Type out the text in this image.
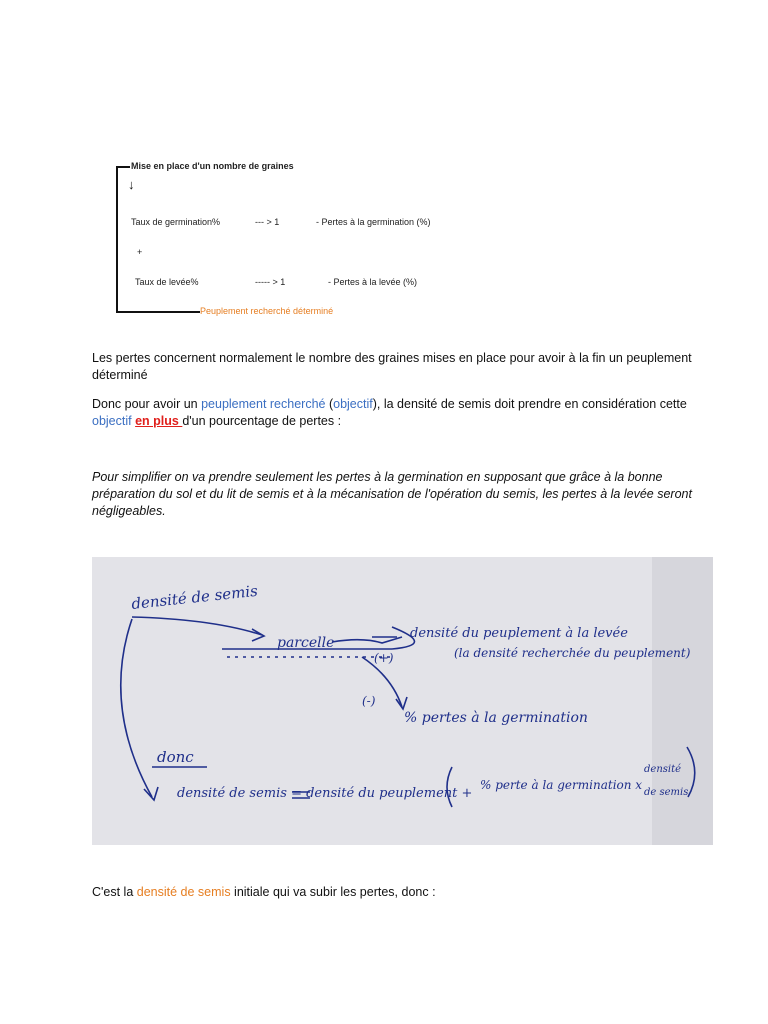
Mise en place d'un nombre de graines
↓
Taux de germination%	--- > 1	- Pertes à la germination (%)
+
Taux de levée%	----- > 1	- Pertes à la levée (%)
Peuplement recherché déterminé

Les pertes concernent normalement le nombre des graines mises en place pour avoir à la fin un peuplement déterminé

Donc pour avoir un peuplement recherché (objectif), la densité de semis doit prendre en considération cette objectif en plus d'un pourcentage de pertes :

Pour simplifier on va prendre seulement les pertes à la germination en supposant que grâce à la bonne préparation du sol et du lit de semis et à la mécanisation de l'opération du semis, les pertes à la levée seront négligeables.

densité de semis
parcelle
densité du peuplement à la levée
(la densité recherchée du peuplement)
(+)
(-)
% pertes à la germination
donc
densité de semis = densité du peuplement +
% perte à la germination x
densité
de semis

C'est la densité de semis initiale qui va subir les pertes, donc :
